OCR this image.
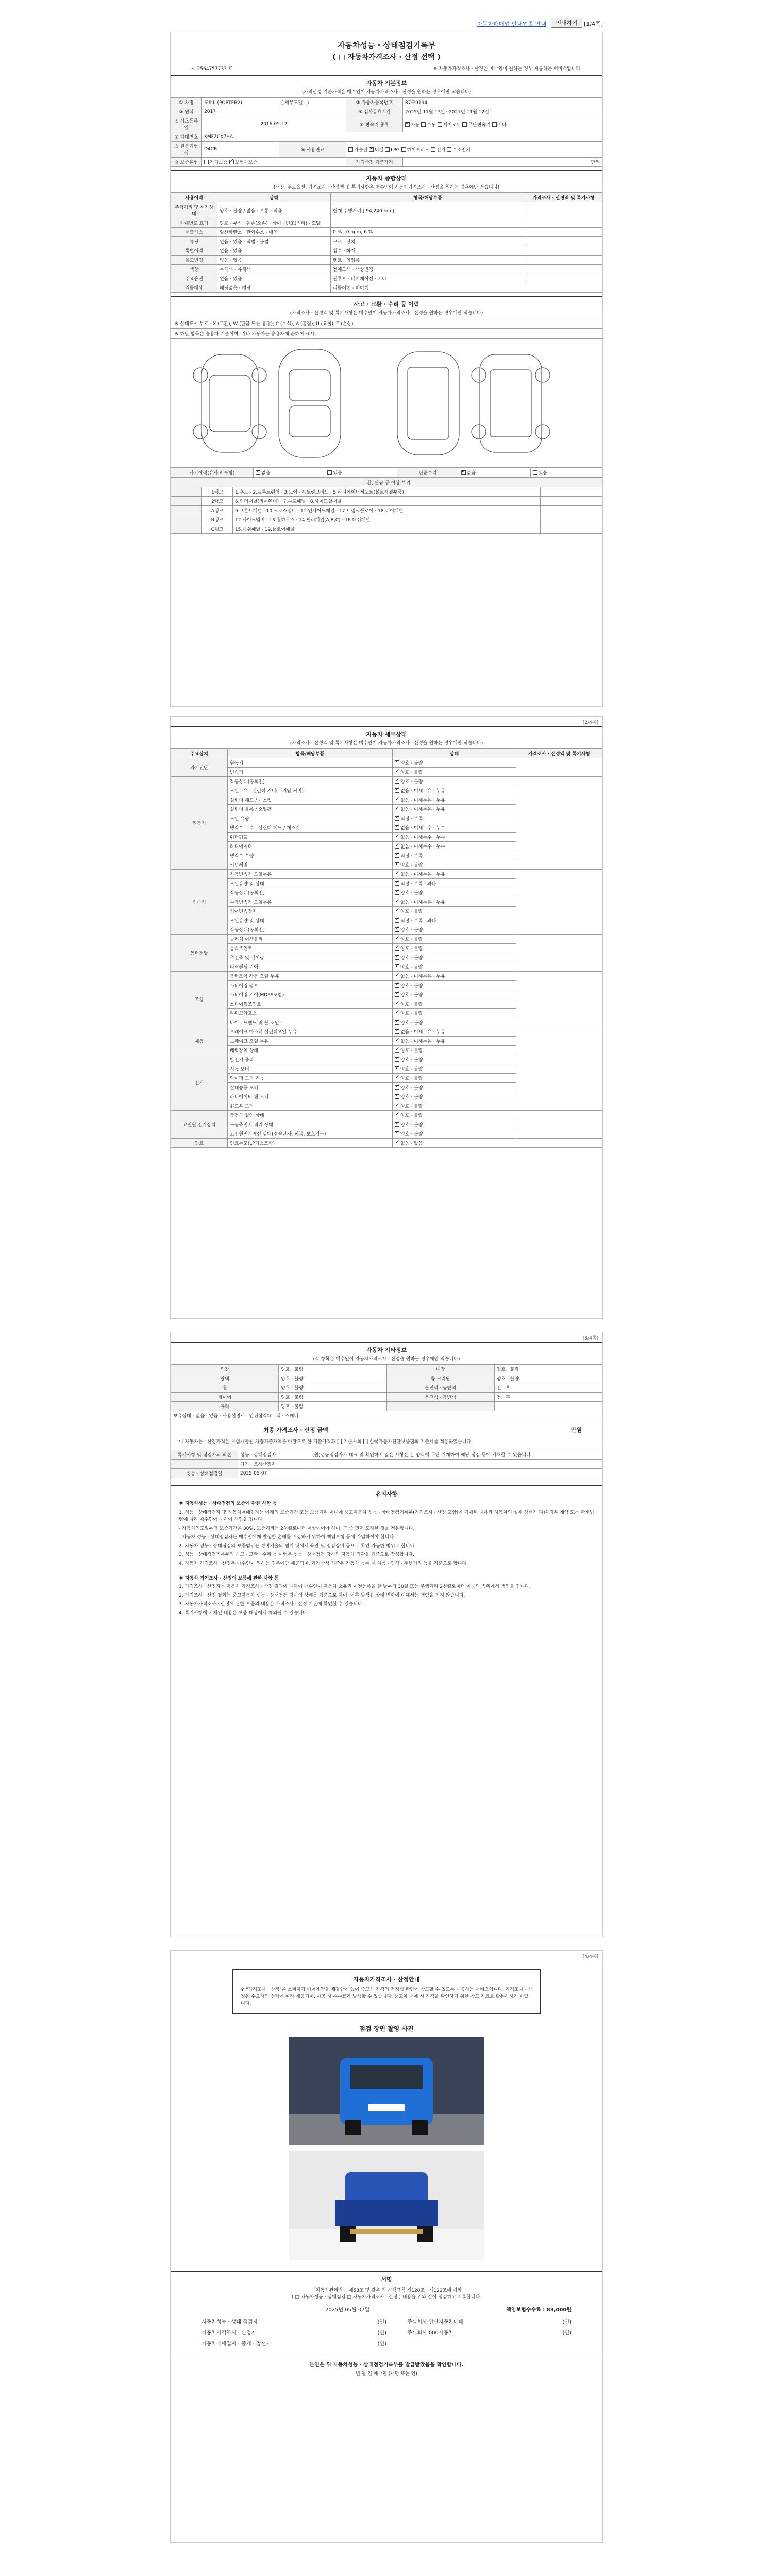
자동차매매업 안내업종 안내	인쇄하기	[1/4쪽]
자동차성능 · 상태점검기록부
( □ 자동차가격조사 · 산정 선택 )
제 2564757733 호	※ 자동차가격조사 · 산정은 매수인이 원하는 경우 제공하는 서비스입니다.
자동차 기본정보
(가격산정 기준가격은 매수인이 자동차가격조사 · 산정을 원하는 경우에만 적습니다)
① 차명	포터II (PORTER2)	( 세부모델 : )	② 자동차등록번호	87구9194
③ 연식	2017		④ 검사유효기간	2025년 11월 13일~2027년 11월 12일
⑤ 최초등록일	2016-05-12		⑥ 변속기 종류	✓자동 수동 세미오토 무단변속기 기타
⑦ 차대번호	KMFZCX7HA...			
⑧ 원동기형식	D4CB	⑨ 사용연료	가솔린 ✓ 디젤 LPG 하이브리드 전기 수소전기
⑩ 보증유형	자가보증 ✓ 보험사보증		가격산정 기준가격	만원
자동차 종합상태
(색상, 주요옵션, 가격조사 · 산정액 및 특기사항은 매수인이 자동차가격조사 · 산정을 원하는 경우에만 적습니다)
사용이력	상태	항목/해당부품	가격조사 · 산정액 및 특기사항
주행거리 및 계기상태	양호 · 불량 / 많음 · 보통 · 적음	현재 주행거리 [ 94,240 km ]	
차대번호 표기	양호 · 부식 · 훼손(오손) · 상이 · 변조(변타) · 도말		
배출가스	일산화탄소 · 탄화수소 · 매연	0 % , 0 ppm, 6 %	
튜닝	없음 · 있음 · 적법 · 불법	구조 · 장치	
특별이력	없음 · 있음	침수 · 화재	
용도변경	없음 · 있음	렌트 · 영업용	
색상	무채색 · 유채색	전체도색 · 색상변경	
주요옵션	없음 · 있음	썬루프 · 네비게이션 · 기타	
리콜대상	해당없음 · 해당	리콜이행 · 미이행	
사고 · 교환 · 수리 등 이력
(가격조사 · 산정액 및 특기사항은 매수인이 자동차가격조사 · 산정을 원하는 경우에만 적습니다)
※ 상태표시 부호 : X (교환), W (판금 또는 용접), C (부식), A (흠집), U (요철), T (손상)
※ 하단 항목은 승용차 기준이며, 기타 자동차는 승용차에 준하여 표시
사고이력(유사고 포함)	✓없음	있음	단순수리	✓없음	있음
교환, 판금 등 이상 부위			
	1랭크	1.후드 · 2.프론트휀더 · 3.도어 · 4.트렁크리드 · 5.라디에이터서포트(볼트체결부품)	
	2랭크	6.쿼터패널(리어휀더) · 7.루프패널 · 8.사이드실패널	
	A랭크	9.프론트패널 · 10.크로스멤버 · 11.인사이드패널 · 17.트렁크플로어 · 18.리어패널	
	B랭크	12.사이드멤버 · 13.휠하우스 · 14.필러패널(A,B,C) · 16.대쉬패널	
	C랭크	15.대쉬패널 · 19.플로어패널	
[2/4쪽]
자동차 세부상태
(가격조사 · 산정액 및 특기사항은 매수인이 자동차가격조사 · 산정을 원하는 경우에만 적습니다)
주요장치	항목/해당부품	상태	가격조사 · 산정액 및 특기사항
자기진단	원동기	✓양호 · 불량	
	변속기	✓양호 · 불량
원동기	작동상태(공회전)	✓양호 · 불량	
	오일누유 · 실린더 커버(로커암 커버)	✓없음 · 미세누유 · 누유
	실린더 헤드 / 개스킷	✓없음 · 미세누유 · 누유
	실린더 블록 / 오일팬	✓없음 · 미세누유 · 누유
	오일 유량	✓적정 · 부족
	냉각수 누수 · 실린더 헤드 / 개스킷	✓없음 · 미세누수 · 누수
	워터펌프	✓없음 · 미세누수 · 누수
	라디에이터	✓없음 · 미세누수 · 누수
	냉각수 수량	✓적정 · 부족
	커먼레일	✓양호 · 불량
변속기	자동변속기 오일누유	✓없음 · 미세누유 · 누유	
	오일유량 및 상태	✓적정 · 부족 · 과다
	작동상태(공회전)	✓양호 · 불량
	수동변속기 오일누유	✓없음 · 미세누유 · 누유
	기어변속장치	✓양호 · 불량
	오일유량 및 상태	✓적정 · 부족 · 과다
	작동상태(공회전)	✓양호 · 불량
동력전달	클러치 어셈블리	✓양호 · 불량	
	등속조인트	✓양호 · 불량
	추진축 및 베어링	✓양호 · 불량
	디퍼렌셜 기어	✓양호 · 불량
조향	동력조향 작동 오일 누유	✓없음 · 미세누유 · 누유	
	스티어링 펌프	✓양호 · 불량
	스티어링 기어(MDPS포함)	✓양호 · 불량
	스티어링조인트	✓양호 · 불량
	파워고압호스	✓양호 · 불량
	타이로드엔드 및 볼 조인트	✓양호 · 불량
제동	브레이크 마스터 실린더오일 누유	✓없음 · 미세누유 · 누유	
	브레이크 오일 누유	✓없음 · 미세누유 · 누유
	배력장치 상태	✓양호 · 불량
전기	발전기 출력	✓양호 · 불량	
	시동 모터	✓양호 · 불량
	와이퍼 모터 기능	✓양호 · 불량
	실내송풍 모터	✓양호 · 불량
	라디에이터 팬 모터	✓양호 · 불량
	윈도우 모터	✓양호 · 불량
고전원 전기장치	충전구 절연 상태	✓양호 · 불량	
	구동축전지 격리 상태	✓양호 · 불량
	고전원전기배선 상태(접속단자, 피복, 보호기구)	✓양호 · 불량
연료	연료누출(LP가스포함)	✓없음 · 있음	
[3/4쪽]
자동차 기타정보
(각 항목은 매수인이 자동차가격조사 · 산정을 원하는 경우에만 적습니다)
외장	양호 · 불량	내장	양호 · 불량
광택	양호 · 불량	룸 크리닝	양호 · 불량
휠	양호 · 불량	운전석 · 동반석	전 · 후
타이어	양호 · 불량	운전석 · 동반석	전 · 후
유리	양호 · 불량		
보유상태 : 없음 · 있음 : 사용설명서 · 안전삼각대 · 잭 · 스패너			
최종 가격조사 · 산정 금액	만원
이 자동차는 : 산정가격은 보험개발원 차량기준가액을 바탕으로 한 기준가격과 [ ] 기술사회 [ ] 한국자동차진단보증협회 기준서를 적용하였습니다.
특기사항 및 점검자의 의견	성능 · 상태점검자	(원)성능점검자가 대표 및 확인하지 않은 사항은 본 양식에 무단 기재하여 해당 점검 등에 기재할 수 있습니다.
	가격 · 조사산정자	
성능 · 상태점검일	2025-05-07	
유의사항

※ 자동차성능 · 상태점검의 보증에 관한 사항 등

1. 성능 · 상태점검자 및 자동차매매업자는 아래의 보증기간 또는 보증거리 이내에 중고자동차 성능 · 상태점검기록부(가격조사 · 산정 포함)에 기재된 내용과 자동차의 실제 상태가 다른 경우 계약 또는 관계법령에 따라 매수인에 대하여 책임을 집니다.

- 자동차인도일부터 보증기간은 30일, 보증거리는 2천킬로미터 이상이어야 하며, 그 중 먼저 도래한 것을 적용합니다.

- 자동차 성능 · 상태점검자는 매수인에게 발생한 손해를 배상하기 위하여 책임보험 등에 가입하여야 합니다.

2. 자동차 성능 · 상태점검의 보증범위는 정비기술의 범위 내에서 육안 및 점검장비 등으로 확인 가능한 범위로 합니다.

3. 성능 · 상태점검기록부의 사고 · 교환 · 수리 등 이력은 성능 · 상태점검 당시의 자동차 외관을 기준으로 작성합니다.

4. 자동차 가격조사 · 산정은 매수인이 원하는 경우에만 제공되며, 가격산정 기준은 자동차 등록 시 차종 · 연식 · 주행거리 등을 기준으로 합니다.

※ 자동차 가격조사 · 산정의 보증에 관한 사항 등

1. 가격조사 · 산정자는 자동차 가격조사 · 산정 결과에 대하여 매수인이 자동차 소유권 이전등록을 한 날부터 30일 또는 주행거리 2천킬로미터 이내의 범위에서 책임을 집니다.

2. 가격조사 · 산정 결과는 중고자동차 성능 · 상태점검 당시의 상태를 기준으로 하며, 이후 발생한 상태 변화에 대해서는 책임을 지지 않습니다.

3. 자동차가격조사 · 산정에 관한 보증의 내용은 가격조사 · 산정 기관에 확인할 수 있습니다.

4. 특기사항에 기재된 내용은 보증 대상에서 제외될 수 있습니다.

[4/4쪽]
자동차가격조사 · 산정안내
※ "가격조사 · 산정"은 소비자가 매매계약을 체결함에 있어 중고차 가격의 적정성 판단에 참고할 수 있도록 제공하는 서비스입니다. 가격조사 · 산정은 수요자의 선택에 따라 제공되며, 제공 시 수수료가 발생할 수 있습니다. 중고차 매매 시 가격을 확인하기 위한 참고 자료로 활용하시기 바랍니다.
점검 장면 촬영 사진
서명
「자동차관리법」 제58조 및 같은 법 시행규칙 제120조 · 제122조에 따라
( □ 자동차성능 · 상태점검 □ 자동차가격조사 · 산정 ) 내용을 위와 같이 점검하고 기록합니다.
2025년 05월 07일	책임보험수수료 : 83,000원
자동차성능 · 상태 점검자	(인)
자동차가격조사 · 산정자	(인)
자동차매매업자 · 중개 · 알선자	(인)
주식회사 안산자동차매매	(인)
주식회사 000자동차	(인)
본인은 위 자동차성능 · 상태점검기록부를 발급받았음을 확인합니다.
년 월 일 매수인 (서명 또는 인)
